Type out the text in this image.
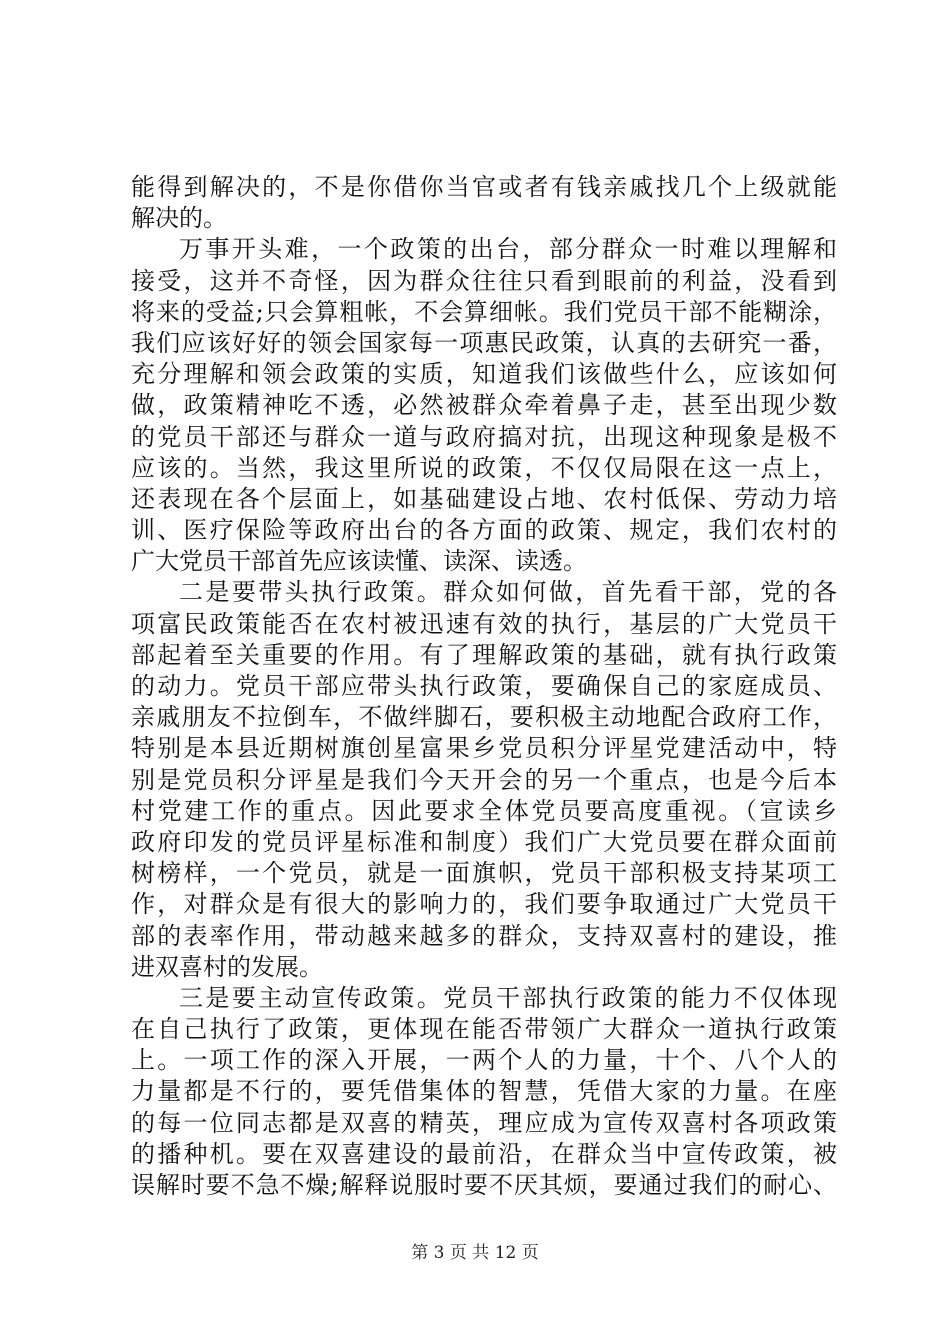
能得到解决的，不是你借你当官或者有钱亲戚找几个上级就能
解决的。
万事开头难，一个政策的出台，部分群众一时难以理解和
接受，这并不奇怪，因为群众往往只看到眼前的利益，没看到
将来的受益;只会算粗帐，不会算细帐。我们党员干部不能糊涂，
我们应该好好的领会国家每一项惠民政策，认真的去研究一番，
充分理解和领会政策的实质，知道我们该做些什么，应该如何
做，政策精神吃不透，必然被群众牵着鼻子走，甚至出现少数
的党员干部还与群众一道与政府搞对抗，出现这种现象是极不
应该的。当然，我这里所说的政策，不仅仅局限在这一点上，
还表现在各个层面上，如基础建设占地、农村低保、劳动力培
训、医疗保险等政府出台的各方面的政策、规定，我们农村的
广大党员干部首先应该读懂、读深、读透。
二是要带头执行政策。群众如何做，首先看干部，党的各
项富民政策能否在农村被迅速有效的执行，基层的广大党员干
部起着至关重要的作用。有了理解政策的基础，就有执行政策
的动力。党员干部应带头执行政策，要确保自己的家庭成员、
亲戚朋友不拉倒车，不做绊脚石，要积极主动地配合政府工作，
特别是本县近期树旗创星富果乡党员积分评星党建活动中，特
别是党员积分评星是我们今天开会的另一个重点，也是今后本
村党建工作的重点。因此要求全体党员要高度重视。（宣读乡
政府印发的党员评星标准和制度）我们广大党员要在群众面前
树榜样，一个党员，就是一面旗帜，党员干部积极支持某项工
作，对群众是有很大的影响力的，我们要争取通过广大党员干
部的表率作用，带动越来越多的群众，支持双喜村的建设，推
进双喜村的发展。
三是要主动宣传政策。党员干部执行政策的能力不仅体现
在自己执行了政策，更体现在能否带领广大群众一道执行政策
上。一项工作的深入开展，一两个人的力量，十个、八个人的
力量都是不行的，要凭借集体的智慧，凭借大家的力量。在座
的每一位同志都是双喜的精英，理应成为宣传双喜村各项政策
的播种机。要在双喜建设的最前沿，在群众当中宣传政策，被
误解时要不急不燥;解释说服时要不厌其烦，要通过我们的耐心、
第 3 页 共 12 页
